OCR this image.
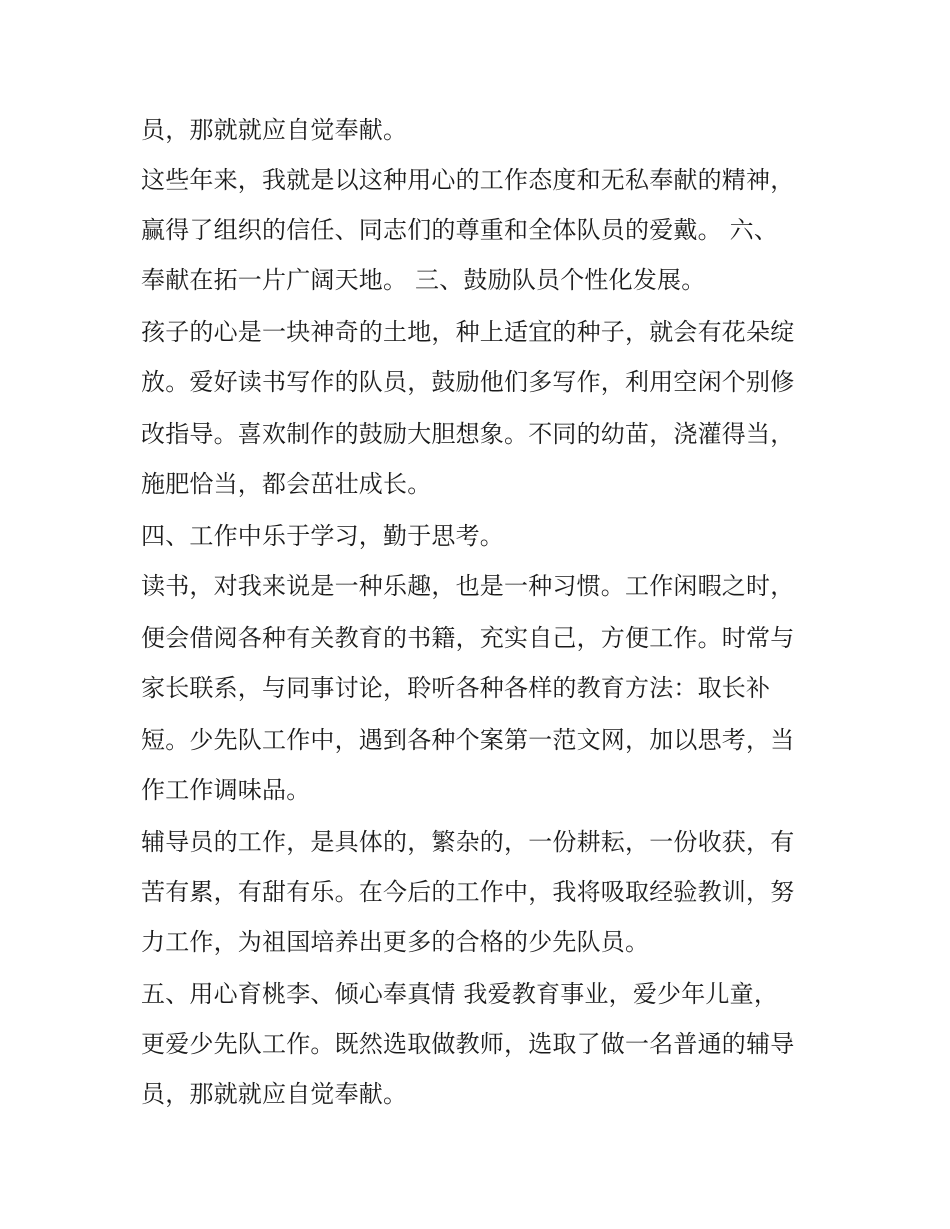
员，那就就应自觉奉献。
这些年来，我就是以这种用心的工作态度和无私奉献的精神，
赢得了组织的信任、同志们的尊重和全体队员的爱戴。 六、
奉献在拓一片广阔天地。 三、鼓励队员个性化发展。
孩子的心是一块神奇的土地，种上适宜的种子，就会有花朵绽
放。爱好读书写作的队员，鼓励他们多写作，利用空闲个别修
改指导。喜欢制作的鼓励大胆想象。不同的幼苗，浇灌得当，
施肥恰当，都会茁壮成长。
四、工作中乐于学习，勤于思考。
读书，对我来说是一种乐趣，也是一种习惯。工作闲暇之时，
便会借阅各种有关教育的书籍，充实自己，方便工作。时常与
家长联系，与同事讨论，聆听各种各样的教育方法：取长补
短。少先队工作中，遇到各种个案第一范文网，加以思考，当
作工作调味品。
辅导员的工作，是具体的，繁杂的，一份耕耘，一份收获，有
苦有累，有甜有乐。在今后的工作中，我将吸取经验教训，努
力工作，为祖国培养出更多的合格的少先队员。
五、用心育桃李、倾心奉真情 我爱教育事业，爱少年儿童，
更爱少先队工作。既然选取做教师，选取了做一名普通的辅导
员，那就就应自觉奉献。
